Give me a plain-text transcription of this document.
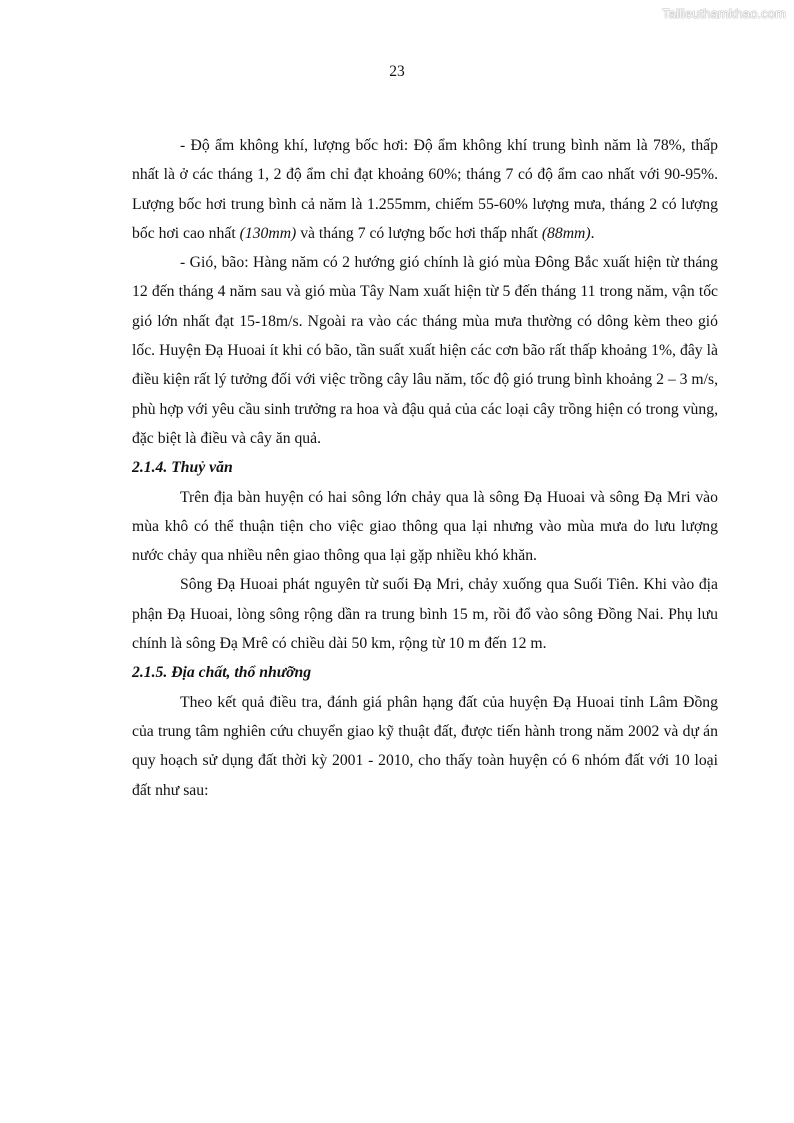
Tailieuthamkhao.com
23

- Độ ẩm không khí, lượng bốc hơi: Độ ẩm không khí trung bình năm là 78%, thấp nhất là ở các tháng 1, 2 độ ẩm chỉ đạt khoảng 60%; tháng 7 có độ ẩm cao nhất với 90-95%. Lượng bốc hơi trung bình cả năm là 1.255mm, chiếm 55-60% lượng mưa, tháng 2 có lượng bốc hơi cao nhất (130mm) và tháng 7 có lượng bốc hơi thấp nhất (88mm).

- Gió, bão: Hàng năm có 2 hướng gió chính là gió mùa Đông Bắc xuất hiện từ tháng 12 đến tháng 4 năm sau và gió mùa Tây Nam xuất hiện từ 5 đến tháng 11 trong năm, vận tốc gió lớn nhất đạt 15-18m/s. Ngoài ra vào các tháng mùa mưa thường có dông kèm theo gió lốc. Huyện Đạ Huoai ít khi có bão, tần suất xuất hiện các cơn bão rất thấp khoảng 1%, đây là điều kiện rất lý tưởng đối với việc trồng cây lâu năm, tốc độ gió trung bình khoảng 2 – 3 m/s, phù hợp với yêu cầu sinh trưởng ra hoa và đậu quả của các loại cây trồng hiện có trong vùng, đặc biệt là điều và cây ăn quả.

2.1.4. Thuỷ văn

Trên địa bàn huyện có hai sông lớn chảy qua là sông Đạ Huoai và sông Đạ Mri vào mùa khô có thể thuận tiện cho việc giao thông qua lại nhưng vào mùa mưa do lưu lượng nước chảy qua nhiều nên giao thông qua lại gặp nhiều khó khăn.

Sông Đạ Huoai phát nguyên từ suối Đạ Mri, chảy xuống qua Suối Tiên. Khi vào địa phận Đạ Huoai, lòng sông rộng dần ra trung bình 15 m, rồi đổ vào sông Đồng Nai. Phụ lưu chính là sông Đạ Mrê có chiều dài 50 km, rộng từ 10 m đến 12 m.

2.1.5. Địa chất, thổ nhưỡng

Theo kết quả điều tra, đánh giá phân hạng đất của huyện Đạ Huoai tỉnh Lâm Đồng của trung tâm nghiên cứu chuyển giao kỹ thuật đất, được tiến hành trong năm 2002 và dự án quy hoạch sử dụng đất thời kỳ 2001 - 2010, cho thấy toàn huyện có 6 nhóm đất với 10 loại đất như sau:
